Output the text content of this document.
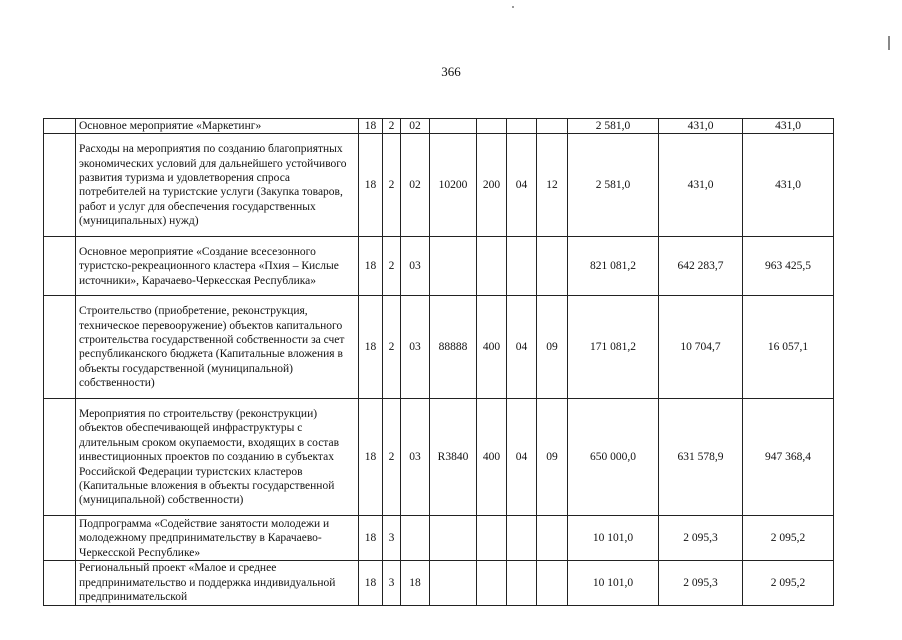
366
	Основное мероприятие «Маркетинг»	18	2	02					2 581,0	431,0	431,0
	Расходы на мероприятия по созданию благоприятных экономических условий для дальнейшего устойчивого развития туризма и удовлетворения спроса потребителей на туристские услуги (Закупка товаров, работ и услуг для обеспечения государственных (муниципальных) нужд)	18	2	02	10200	200	04	12	2 581,0	431,0	431,0
	Основное мероприятие «Создание всесезонного туристско-рекреационного кластера «Пхия – Кислые источники», Карачаево-Черкесская Республика»	18	2	03					821 081,2	642 283,7	963 425,5
	Строительство (приобретение, реконструкция, техническое перевооружение) объектов капитального строительства государственной собственности за счет республиканского бюджета (Капитальные вложения в объекты государственной (муниципальной) собственности)	18	2	03	88888	400	04	09	171 081,2	10 704,7	16 057,1
	Мероприятия по строительству (реконструкции) объектов обеспечивающей инфраструктуры с длительным сроком окупаемости, входящих в состав инвестиционных проектов по созданию в субъектах Российской Федерации туристских кластеров (Капитальные вложения в объекты государственной (муниципальной) собственности)	18	2	03	R3840	400	04	09	650 000,0	631 578,9	947 368,4
	Подпрограмма «Содействие занятости молодежи и молодежному предпринимательству в Карачаево-Черкесской Республике»	18	3						10 101,0	2 095,3	2 095,2
	Региональный проект «Малое и среднее предпринимательство и поддержка индивидуальной предпринимательской	18	3	18					10 101,0	2 095,3	2 095,2
